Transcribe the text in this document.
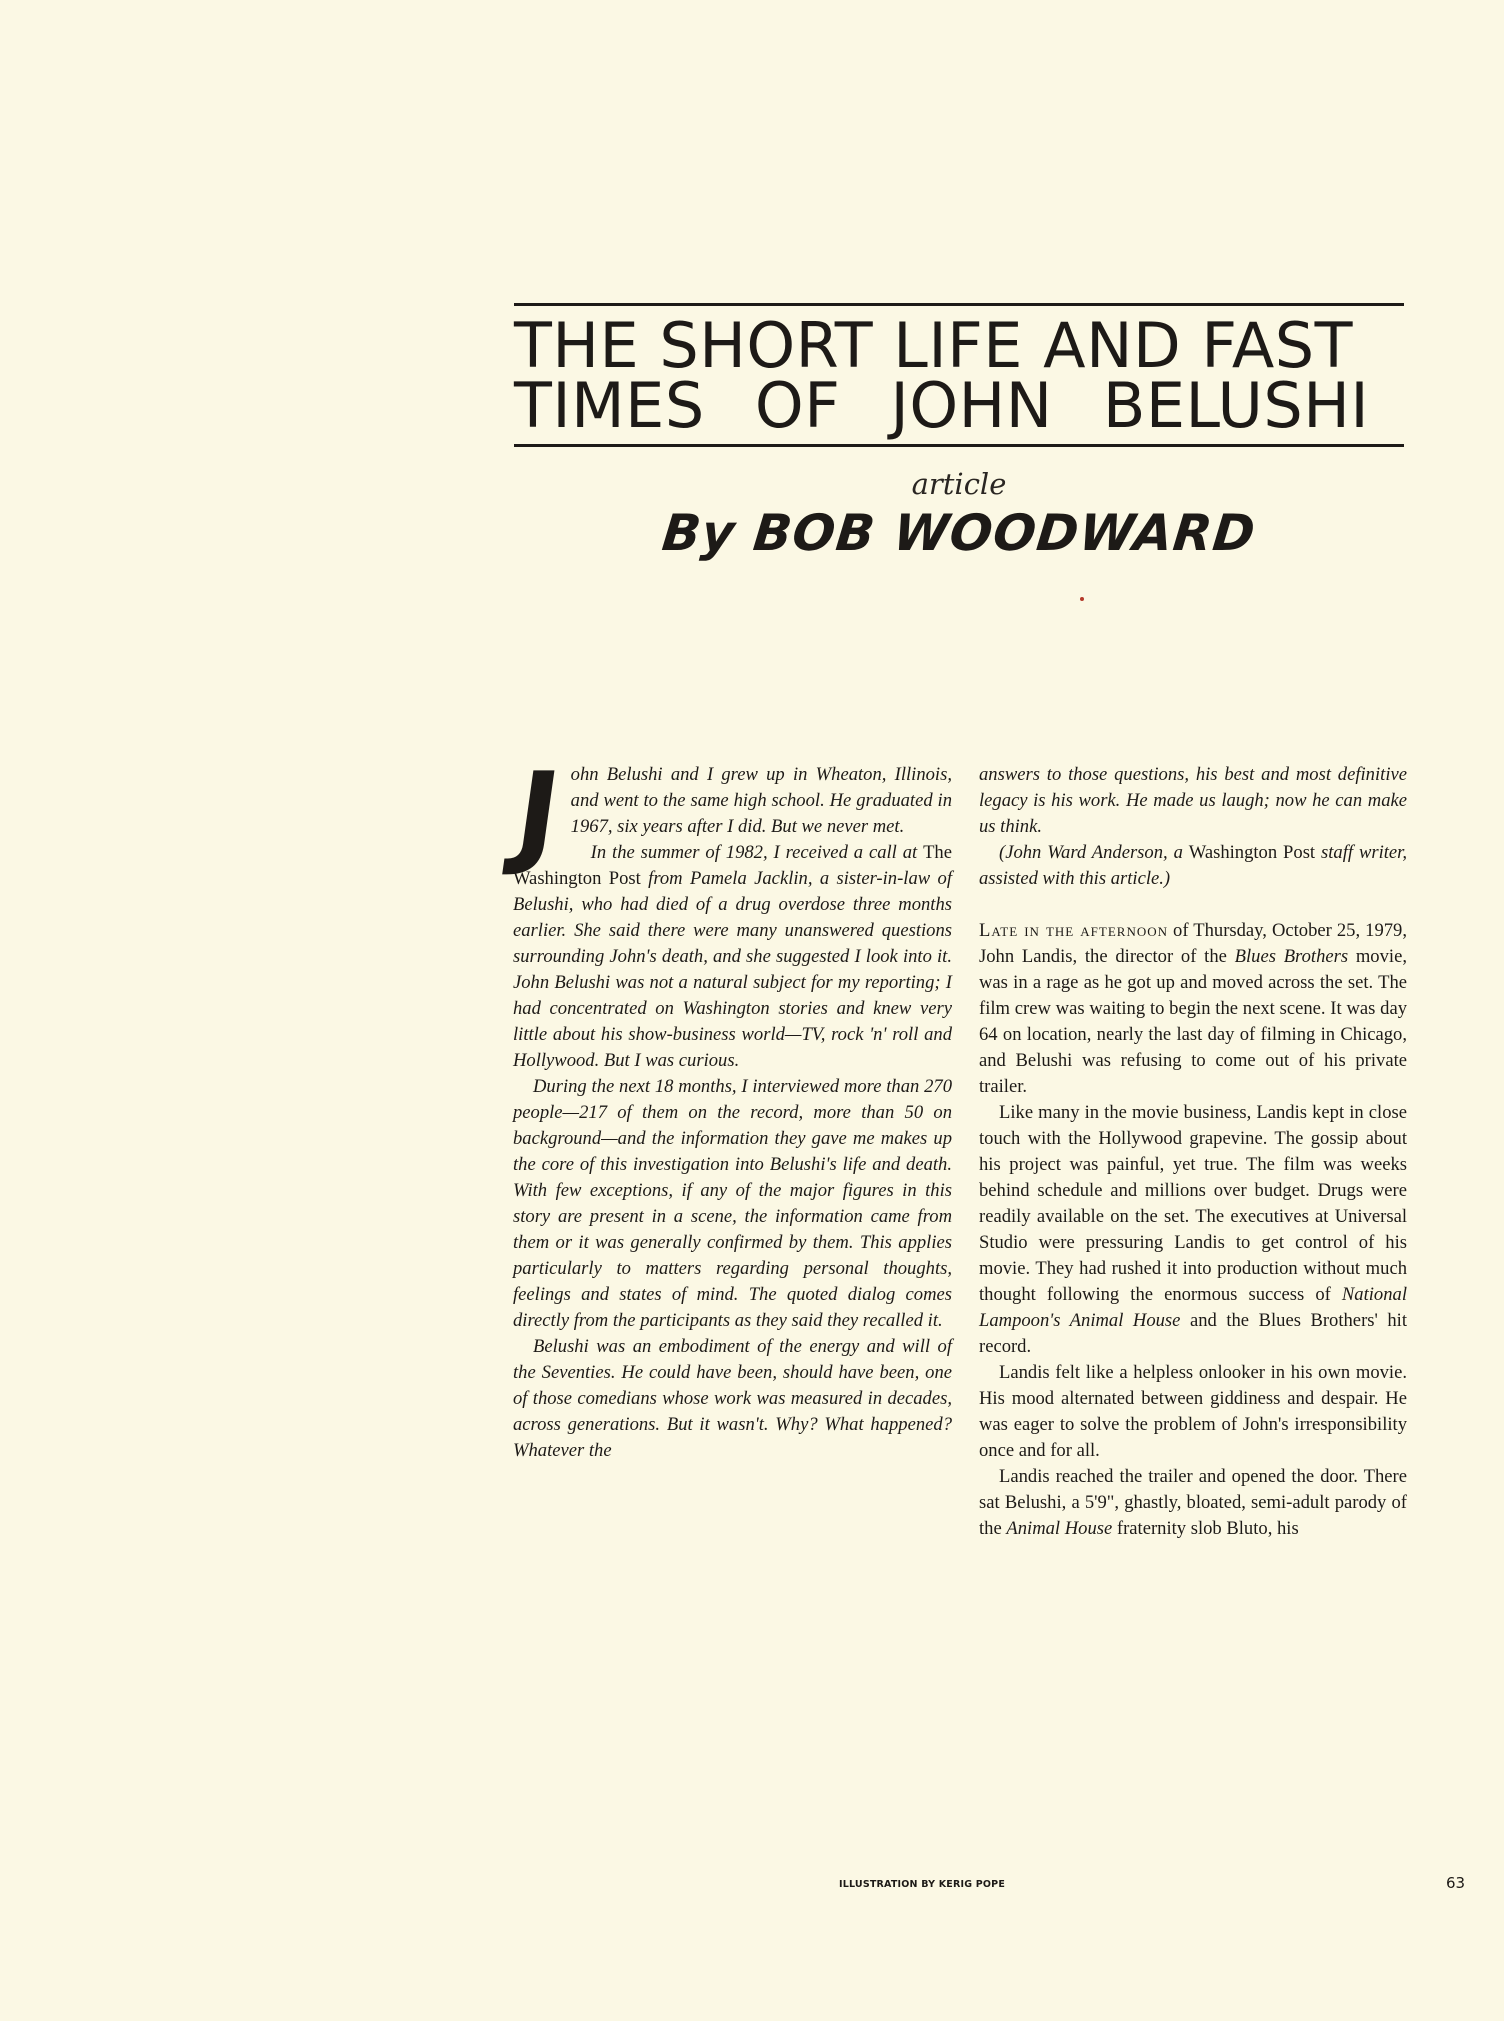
THE SHORT LIFE AND FAST
TIMES OF JOHN BELUSHI
article
By BOB WOODWARD

John Belushi and I grew up in Wheaton, Illinois, and went to the same high school. He graduated in 1967, six years after I did. But we never met.

In the summer of 1982, I received a call at The Washington Post from Pamela Jacklin, a sister-in-law of Belushi, who had died of a drug overdose three months earlier. She said there were many unanswered questions surrounding John's death, and she suggested I look into it. John Belushi was not a natural subject for my reporting; I had concentrated on Washington stories and knew very little about his show-business world—TV, rock 'n' roll and Hollywood. But I was curious.

During the next 18 months, I interviewed more than 270 people—217 of them on the record, more than 50 on background—and the information they gave me makes up the core of this investigation into Belushi's life and death. With few exceptions, if any of the major figures in this story are present in a scene, the information came from them or it was generally confirmed by them. This applies particularly to matters regarding personal thoughts, feelings and states of mind. The quoted dialog comes directly from the participants as they said they recalled it.

Belushi was an embodiment of the energy and will of the Seventies. He could have been, should have been, one of those comedians whose work was measured in decades, across generations. But it wasn't. Why? What happened? Whatever the

answers to those questions, his best and most definitive legacy is his work. He made us laugh; now he can make us think.

(John Ward Anderson, a Washington Post staff writer, assisted with this article.)

Late in the afternoon of Thursday, October 25, 1979, John Landis, the director of the Blues Brothers movie, was in a rage as he got up and moved across the set. The film crew was waiting to begin the next scene. It was day 64 on location, nearly the last day of filming in Chicago, and Belushi was refusing to come out of his private trailer.

Like many in the movie business, Landis kept in close touch with the Hollywood grapevine. The gossip about his project was painful, yet true. The film was weeks behind schedule and millions over budget. Drugs were readily available on the set. The executives at Universal Studio were pressuring Landis to get control of his movie. They had rushed it into production without much thought following the enormous success of National Lampoon's Animal House and the Blues Brothers' hit record.

Landis felt like a helpless onlooker in his own movie. His mood alternated between giddiness and despair. He was eager to solve the problem of John's irresponsibility once and for all.

Landis reached the trailer and opened the door. There sat Belushi, a 5'9", ghastly, bloated, semi-adult parody of the Animal House fraternity slob Bluto, his

ILLUSTRATION BY KERIG POPE	63
